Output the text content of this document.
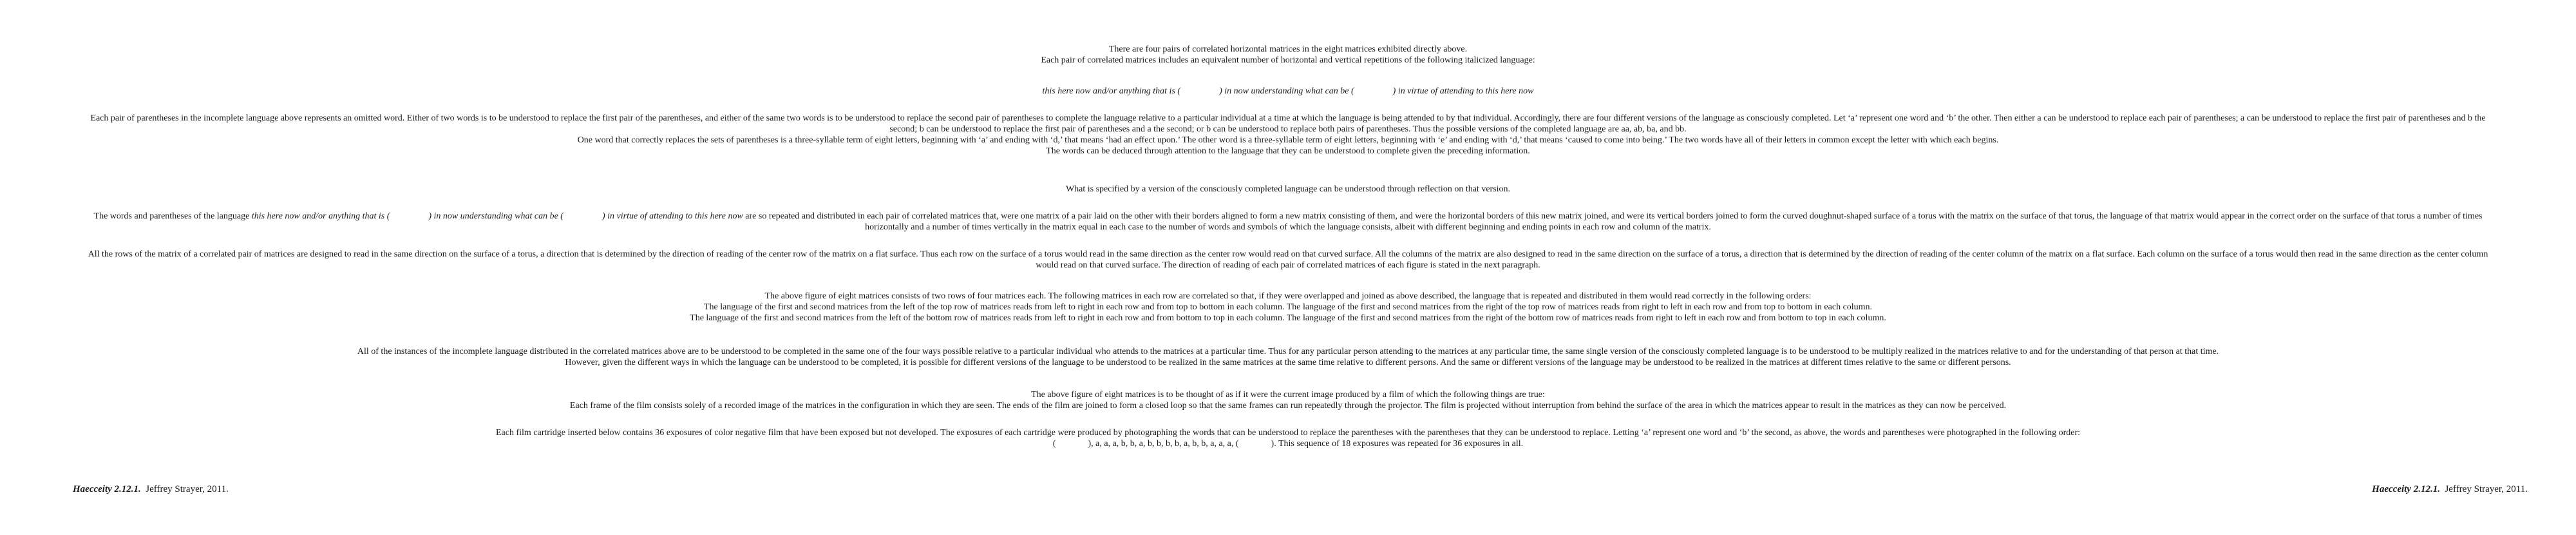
There are four pairs of correlated horizontal matrices in the eight matrices exhibited directly above.
Each pair of correlated matrices includes an equivalent number of horizontal and vertical repetitions of the following italicized language:
this here now and/or anything that is (	) in now understanding what can be (	) in virtue of attending to this here now
Each pair of parentheses in the incomplete language above represents an omitted word. Either of two words is to be understood to replace the first pair of the parentheses, and either of the same two words is to be understood to replace the second pair of parentheses to complete the language relative to a particular individual at a time at which the language is being attended to by that individual. Accordingly, there are four different versions of the language as consciously completed. Let ‘a’ represent one word and ‘b’ the other. Then either a can be understood to replace each pair of parentheses; a can be understood to replace the first pair of parentheses and b the second; b can be understood to replace the first pair of parentheses and a the second; or b can be understood to replace both pairs of parentheses. Thus the possible versions of the completed language are aa, ab, ba, and bb.
One word that correctly replaces the sets of parentheses is a three-syllable term of eight letters, beginning with ‘a’ and ending with ‘d,’ that means ‘had an effect upon.’ The other word is a three-syllable term of eight letters, beginning with ‘e’ and ending with ‘d,’ that means ‘caused to come into being.’ The two words have all of their letters in common except the letter with which each begins.
The words can be deduced through attention to the language that they can be understood to complete given the preceding information.
What is specified by a version of the consciously completed language can be understood through reflection on that version.
The words and parentheses of the language this here now and/or anything that is (	) in now understanding what can be (	) in virtue of attending to this here now are so repeated and distributed in each pair of correlated matrices that, were one matrix of a pair laid on the other with their borders aligned to form a new matrix consisting of them, and were the horizontal borders of this new matrix joined, and were its vertical borders joined to form the curved doughnut-shaped surface of a torus with the matrix on the surface of that torus, the language of that matrix would appear in the correct order on the surface of that torus a number of times horizontally and a number of times vertically in the matrix equal in each case to the number of words and symbols of which the language consists, albeit with different beginning and ending points in each row and column of the matrix.
All the rows of the matrix of a correlated pair of matrices are designed to read in the same direction on the surface of a torus, a direction that is determined by the direction of reading of the center row of the matrix on a flat surface. Thus each row on the surface of a torus would read in the same direction as the center row would read on that curved surface. All the columns of the matrix are also designed to read in the same direction on the surface of a torus, a direction that is determined by the direction of reading of the center column of the matrix on a flat surface. Each column on the surface of a torus would then read in the same direction as the center column would read on that curved surface. The direction of reading of each pair of correlated matrices of each figure is stated in the next paragraph.
The above figure of eight matrices consists of two rows of four matrices each. The following matrices in each row are correlated so that, if they were overlapped and joined as above described, the language that is repeated and distributed in them would read correctly in the following orders:
The language of the first and second matrices from the left of the top row of matrices reads from left to right in each row and from top to bottom in each column. The language of the first and second matrices from the right of the top row of matrices reads from right to left in each row and from top to bottom in each column.
The language of the first and second matrices from the left of the bottom row of matrices reads from left to right in each row and from bottom to top in each column. The language of the first and second matrices from the right of the bottom row of matrices reads from right to left in each row and from bottom to top in each column.
All of the instances of the incomplete language distributed in the correlated matrices above are to be understood to be completed in the same one of the four ways possible relative to a particular individual who attends to the matrices at a particular time. Thus for any particular person attending to the matrices at any particular time, the same single version of the consciously completed language is to be understood to be multiply realized in the matrices relative to and for the understanding of that person at that time.
However, given the different ways in which the language can be understood to be completed, it is possible for different versions of the language to be understood to be realized in the same matrices at the same time relative to different persons. And the same or different versions of the language may be understood to be realized in the matrices at different times relative to the same or different persons.
The above figure of eight matrices is to be thought of as if it were the current image produced by a film of which the following things are true:
Each frame of the film consists solely of a recorded image of the matrices in the configuration in which they are seen. The ends of the film are joined to form a closed loop so that the same frames can run repeatedly through the projector. The film is projected without interruption from behind the surface of the area in which the matrices appear to result in the matrices as they can now be perceived.
Each film cartridge inserted below contains 36 exposures of color negative film that have been exposed but not developed. The exposures of each cartridge were produced by photographing the words that can be understood to replace the parentheses with the parentheses that they can be understood to replace. Letting ‘a’ represent one word and ‘b’ the second, as above, the words and parentheses were photographed in the following order:
(	), a, a, a, b, b, a, b, b, b, b, a, b, b, a, a, a, (	). This sequence of 18 exposures was repeated for 36 exposures in all.
Haecceity 2.12.1. Jeffrey Strayer, 2011.	Haecceity 2.12.1. Jeffrey Strayer, 2011.
